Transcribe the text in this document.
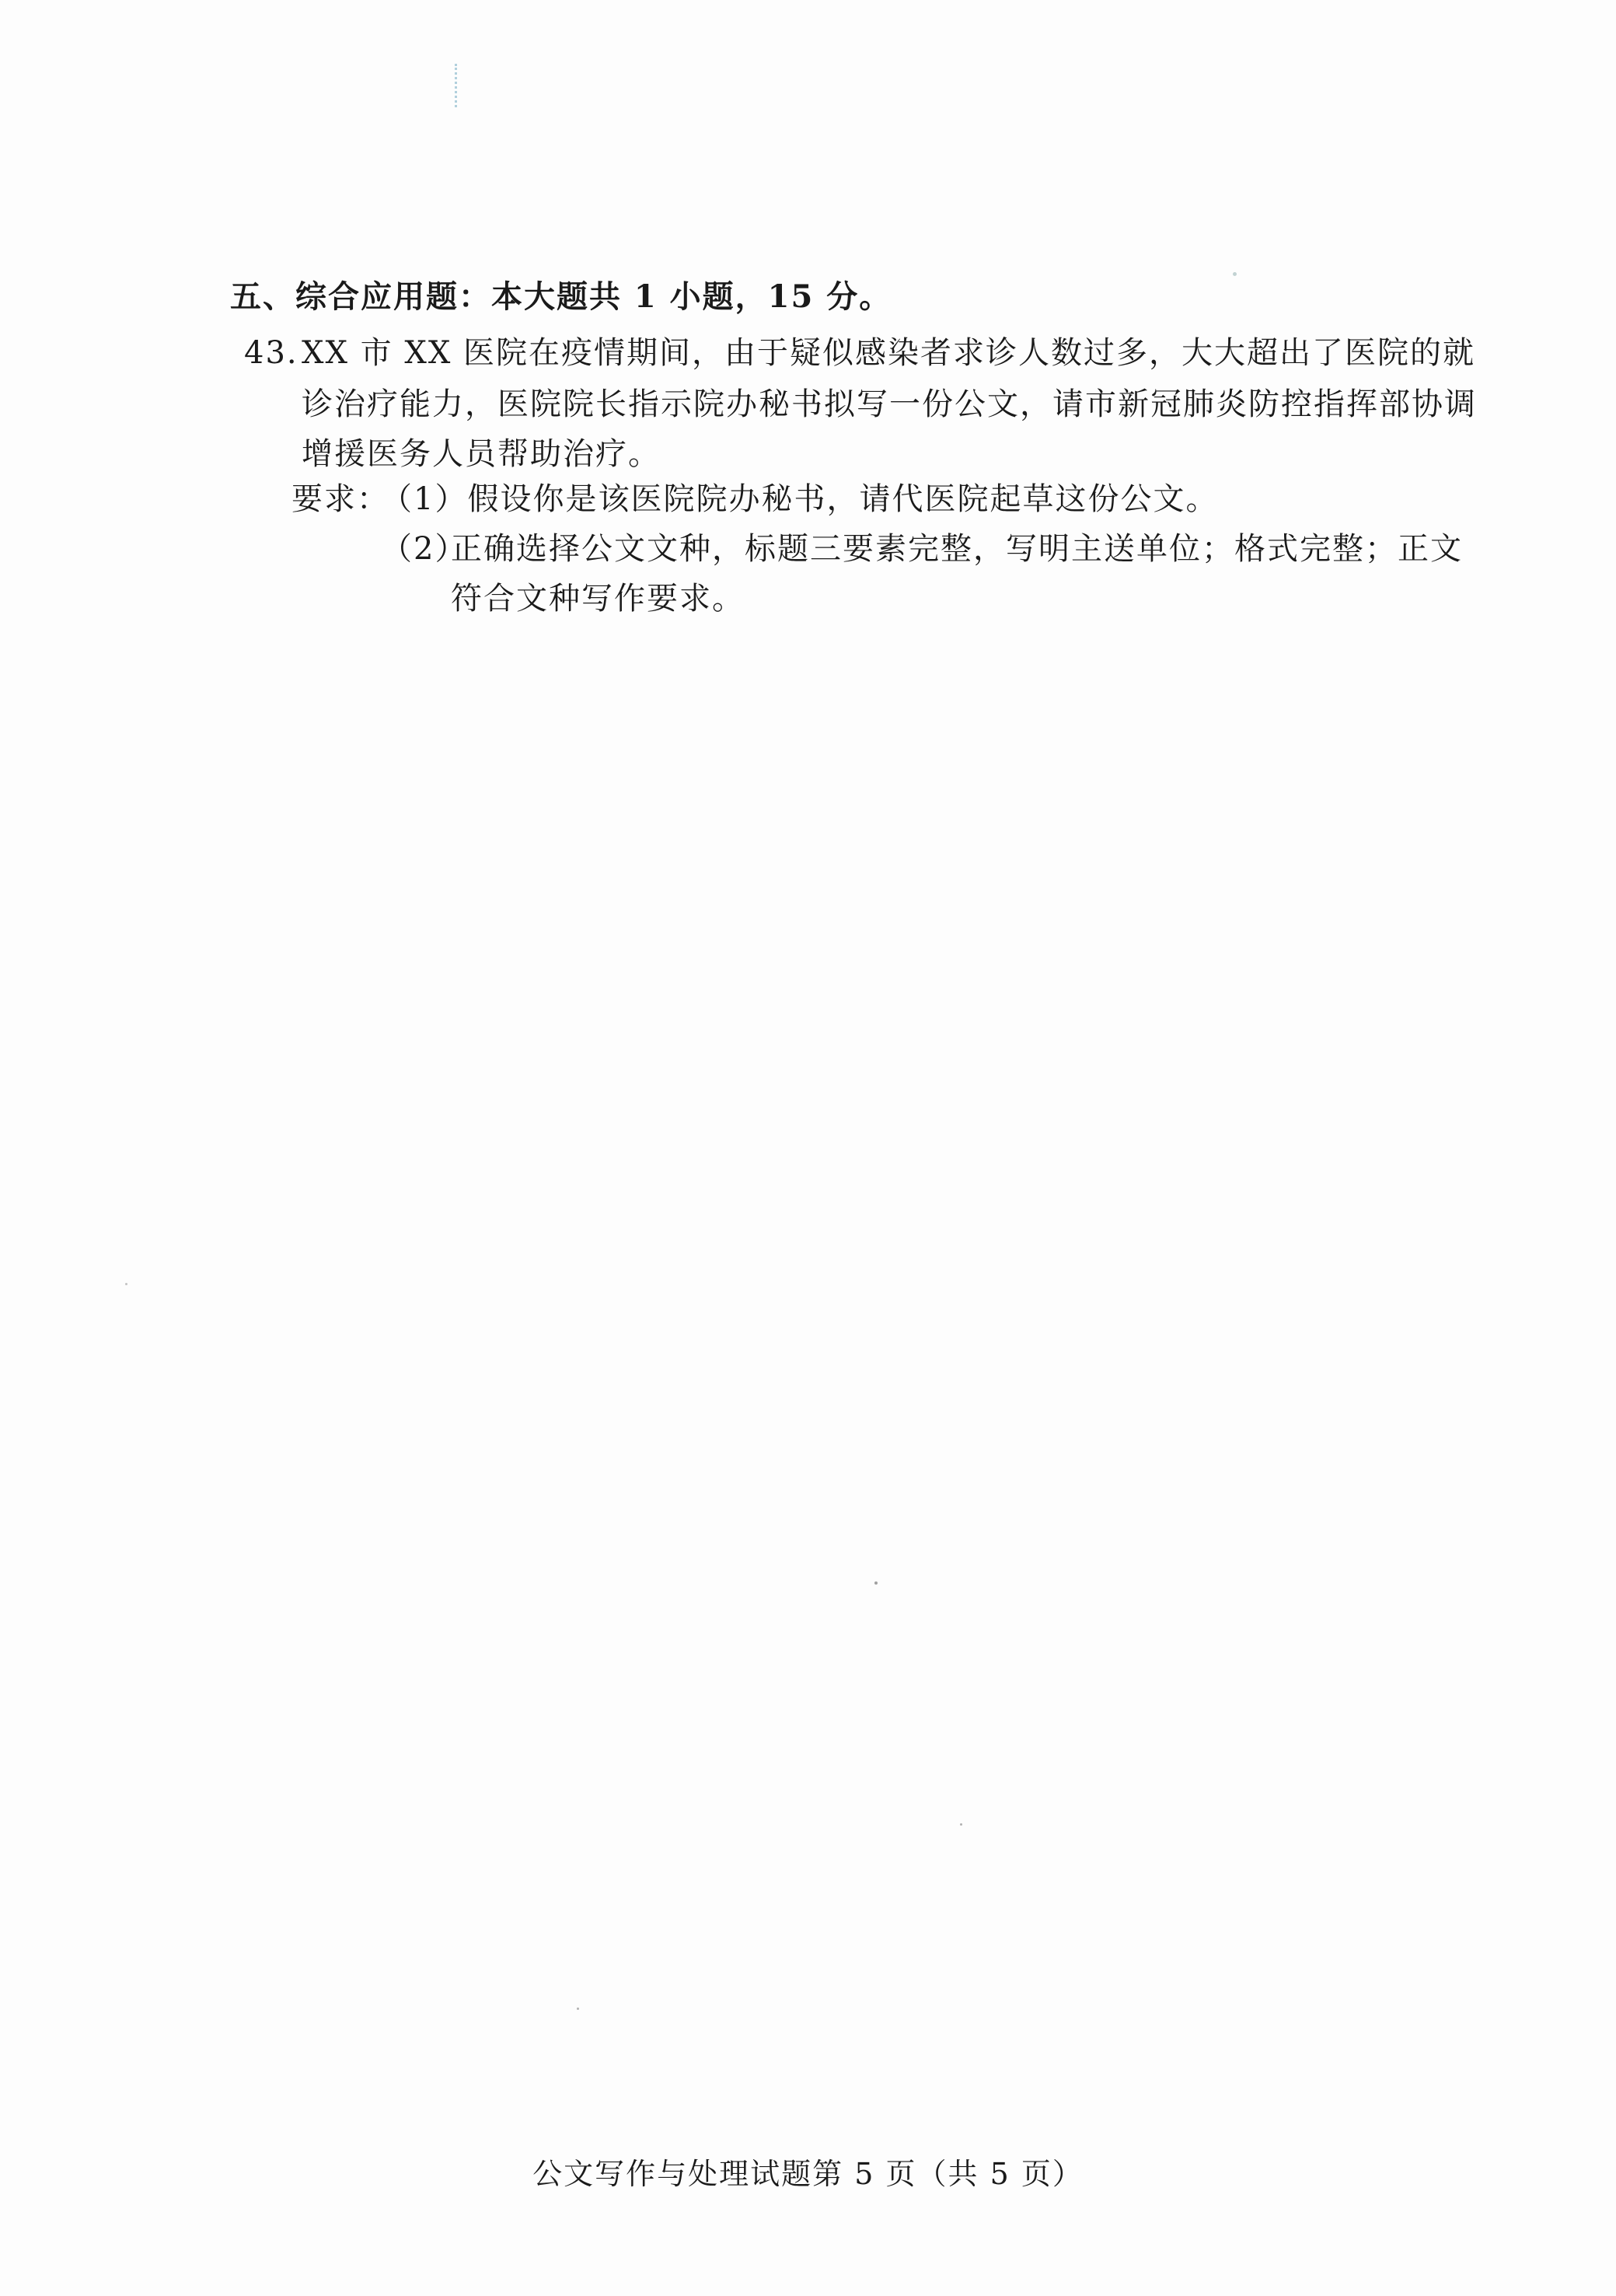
五、综合应用题：本大题共 1 小题，15 分。
43. XX 市 XX 医院在疫情期间，由于疑似感染者求诊人数过多，大大超出了医院的就
诊治疗能力，医院院长指示院办秘书拟写一份公文，请市新冠肺炎防控指挥部协调
增援医务人员帮助治疗。
要求：
（1）假设你是该医院院办秘书，请代医院起草这份公文。
（2）
正确选择公文文种，标题三要素完整，写明主送单位；格式完整；正文
符合文种写作要求。
公文写作与处理试题第 5 页（共 5 页）
